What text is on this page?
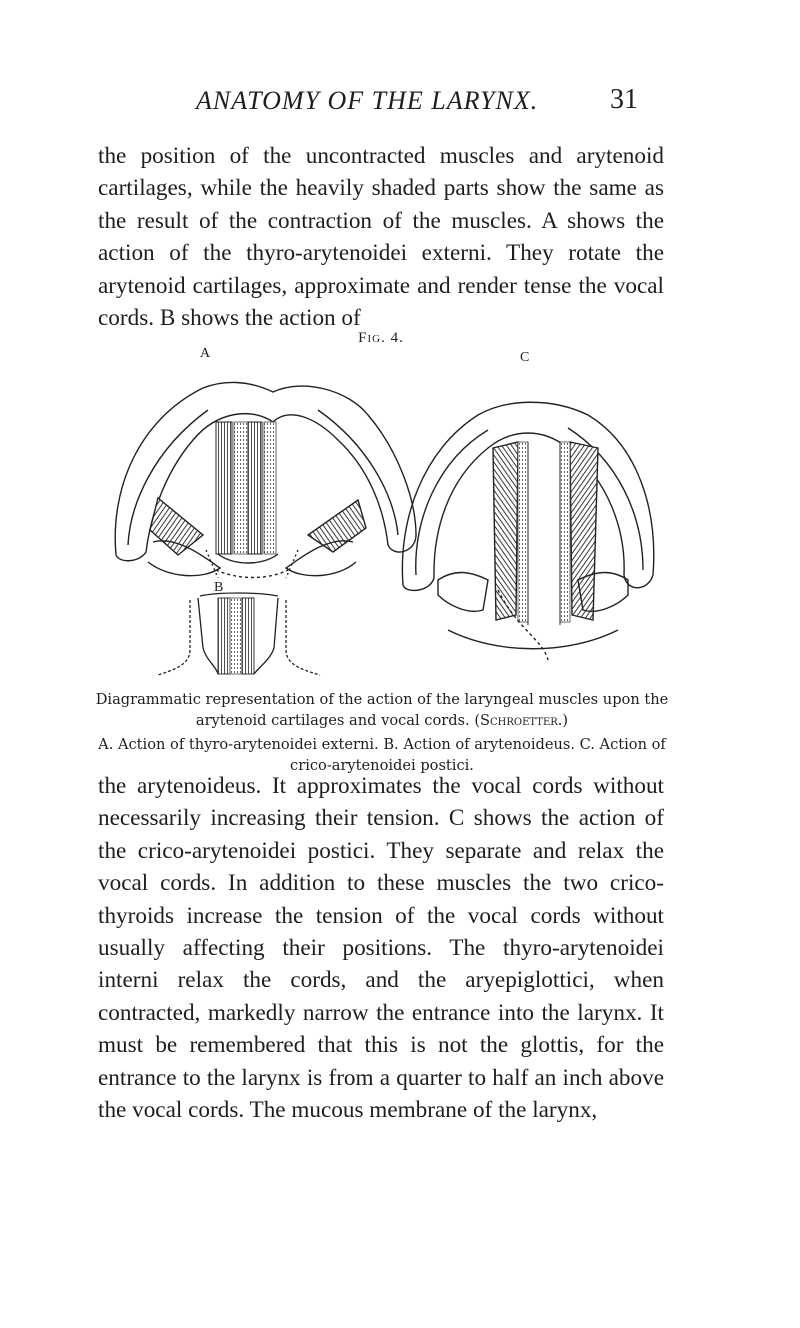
ANATOMY OF THE LARYNX.	31

the position of the uncontracted muscles and arytenoid cartilages, while the heavily shaded parts show the same as the result of the contraction of the muscles. A shows the action of the thyro-arytenoidei externi. They rotate the arytenoid cartilages, approximate and render tense the vocal cords. B shows the action of

Fig. 4.
A
B
C

Diagrammatic representation of the action of the laryngeal muscles upon the arytenoid cartilages and vocal cords. (Schroetter.)

A. Action of thyro-arytenoidei externi. B. Action of arytenoideus. C. Action of crico-arytenoidei postici.

the arytenoideus. It approximates the vocal cords without necessarily increasing their tension. C shows the action of the crico-arytenoidei postici. They separate and relax the vocal cords. In addition to these muscles the two crico-thyroids increase the tension of the vocal cords without usually affecting their positions. The thyro-arytenoidei interni relax the cords, and the aryepiglottici, when contracted, markedly narrow the entrance into the larynx. It must be remembered that this is not the glottis, for the entrance to the larynx is from a quarter to half an inch above the vocal cords. The mucous membrane of the larynx,
